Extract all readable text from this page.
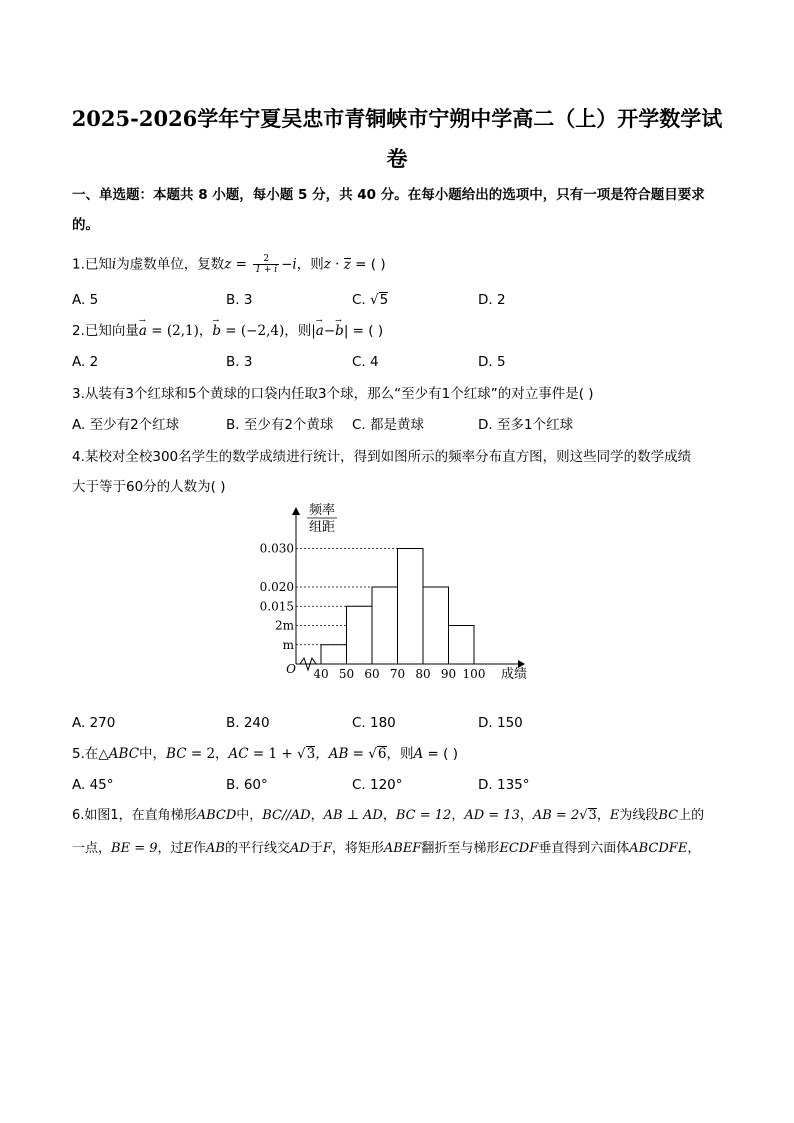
2025-2026学年宁夏吴忠市青铜峡市宁朔中学高二（上）开学数学试
卷
一、单选题：本题共 8 小题，每小题 5 分，共 40 分。在每小题给出的选项中，只有一项是符合题目要求
的。
1.已知i为虚数单位，复数$z = \frac{2}{1 + i} -i$，则z · z = ( )
A. 5	B. 3	C. √5	D. 2
2.已知向量→ a = (2,1)，→ b = (−2,4)，则|→ a−→ b| = ( )
A. 2	B. 3	C. 4	D. 5
3.从装有3个红球和5个黄球的口袋内任取3个球，那么“至少有1个红球”的对立事件是( )
A. 至少有2个红球	B. 至少有2个黄球 C. 都是黄球	D. 至多1个红球
4.某校对全校300名学生的数学成绩进行统计，得到如图所示的频率分布直方图，则这些同学的数学成绩
大于等于60分的人数为( )
m
2m
0.015
0.020
0.030
40 50 60 70 80 90 100
O	成绩
频率
组距
A. 270	B. 240	C. 180	D. 150
5.在△ABC中，BC = 2，AC = 1 + √3，AB = √6，则A = ( )
A. 45°	B. 60°	C. 120°	D. 135°
6.如图1，在直角梯形ABCD中，BC//AD，AB ⊥ AD，BC = 12，AD = 13，AB = 2√3，E为线段BC上的
一点，BE = 9，过E作AB的平行线交AD于F，将矩形ABEF翻折至与梯形ECDF垂直得到六面体ABCDFE，
